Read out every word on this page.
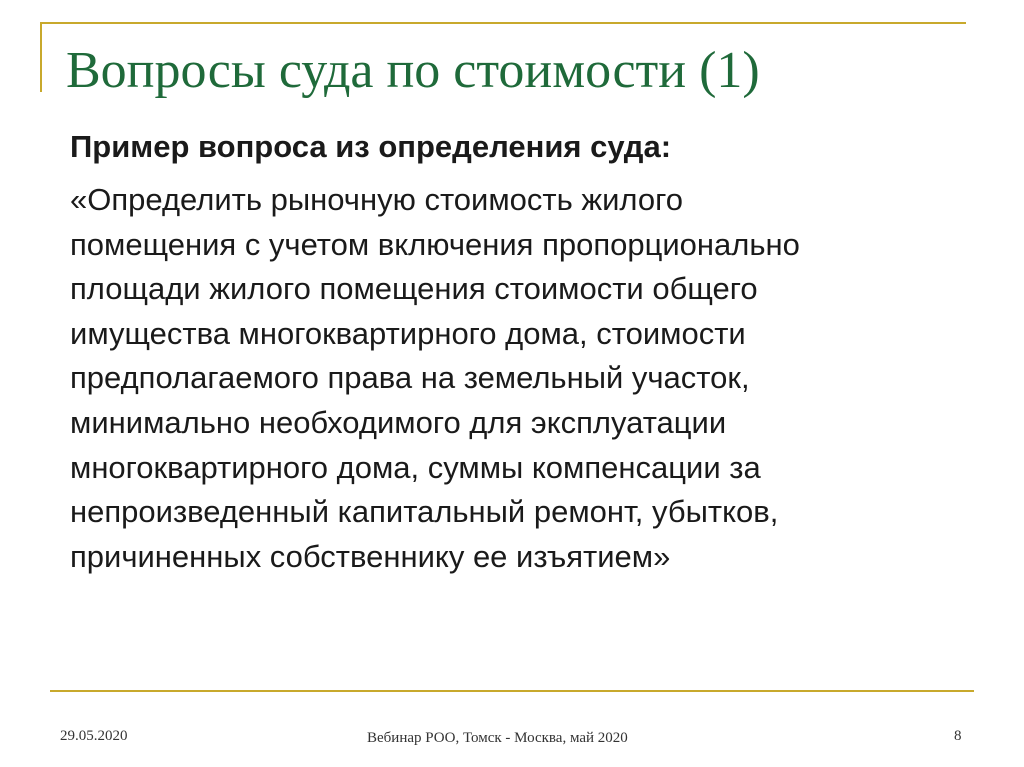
Вопросы суда по стоимости (1)

Пример вопроса из определения суда:

«Определить рыночную стоимость жилого
помещения с учетом включения пропорционально
площади жилого помещения стоимости общего
имущества многоквартирного дома, стоимости
предполагаемого права на земельный участок,
минимально необходимого для эксплуатации
многоквартирного дома, суммы компенсации за
непроизведенный капитальный ремонт, убытков,
причиненных собственнику ее изъятием»
29.05.2020	Вебинар РОО, Томск - Москва, май 2020	8
